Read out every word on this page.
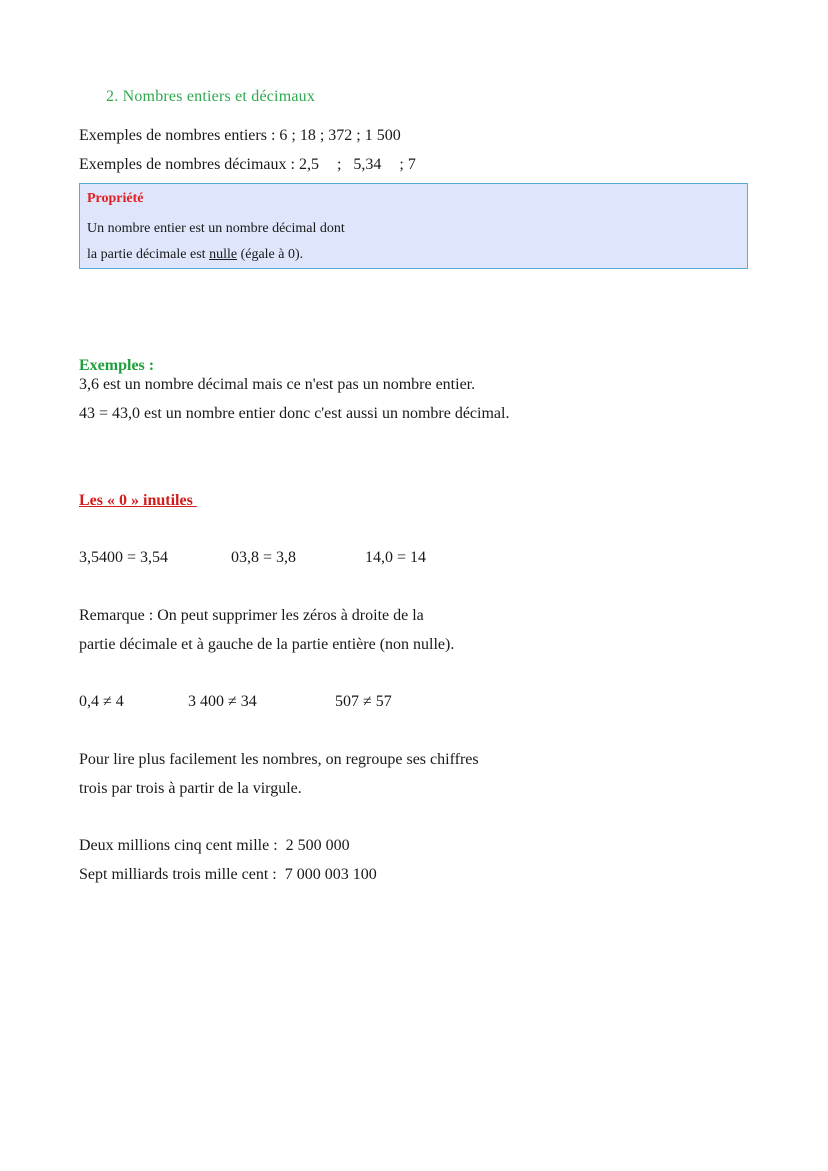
2. Nombres entiers et décimaux
Exemples de nombres entiers : 6 ; 18 ; 372 ; 1 500
Exemples de nombres décimaux : 2,5 ; 5,34 ; 7
Propriété
Un nombre entier est un nombre décimal dont
la partie décimale est nulle (égale à 0).
Exemples :
3,6 est un nombre décimal mais ce n'est pas un nombre entier.
43 = 43,0 est un nombre entier donc c'est aussi un nombre décimal.
Les « 0 » inutiles
3,5400 = 3,54	03,8 = 3,8	14,0 = 14
Remarque : On peut supprimer les zéros à droite de la
partie décimale et à gauche de la partie entière (non nulle).
0,4 ≠ 4	3 400 ≠ 34	507 ≠ 57
Pour lire plus facilement les nombres, on regroupe ses chiffres
trois par trois à partir de la virgule.
Deux millions cinq cent mille :  2 500 000
Sept milliards trois mille cent :  7 000 003 100
